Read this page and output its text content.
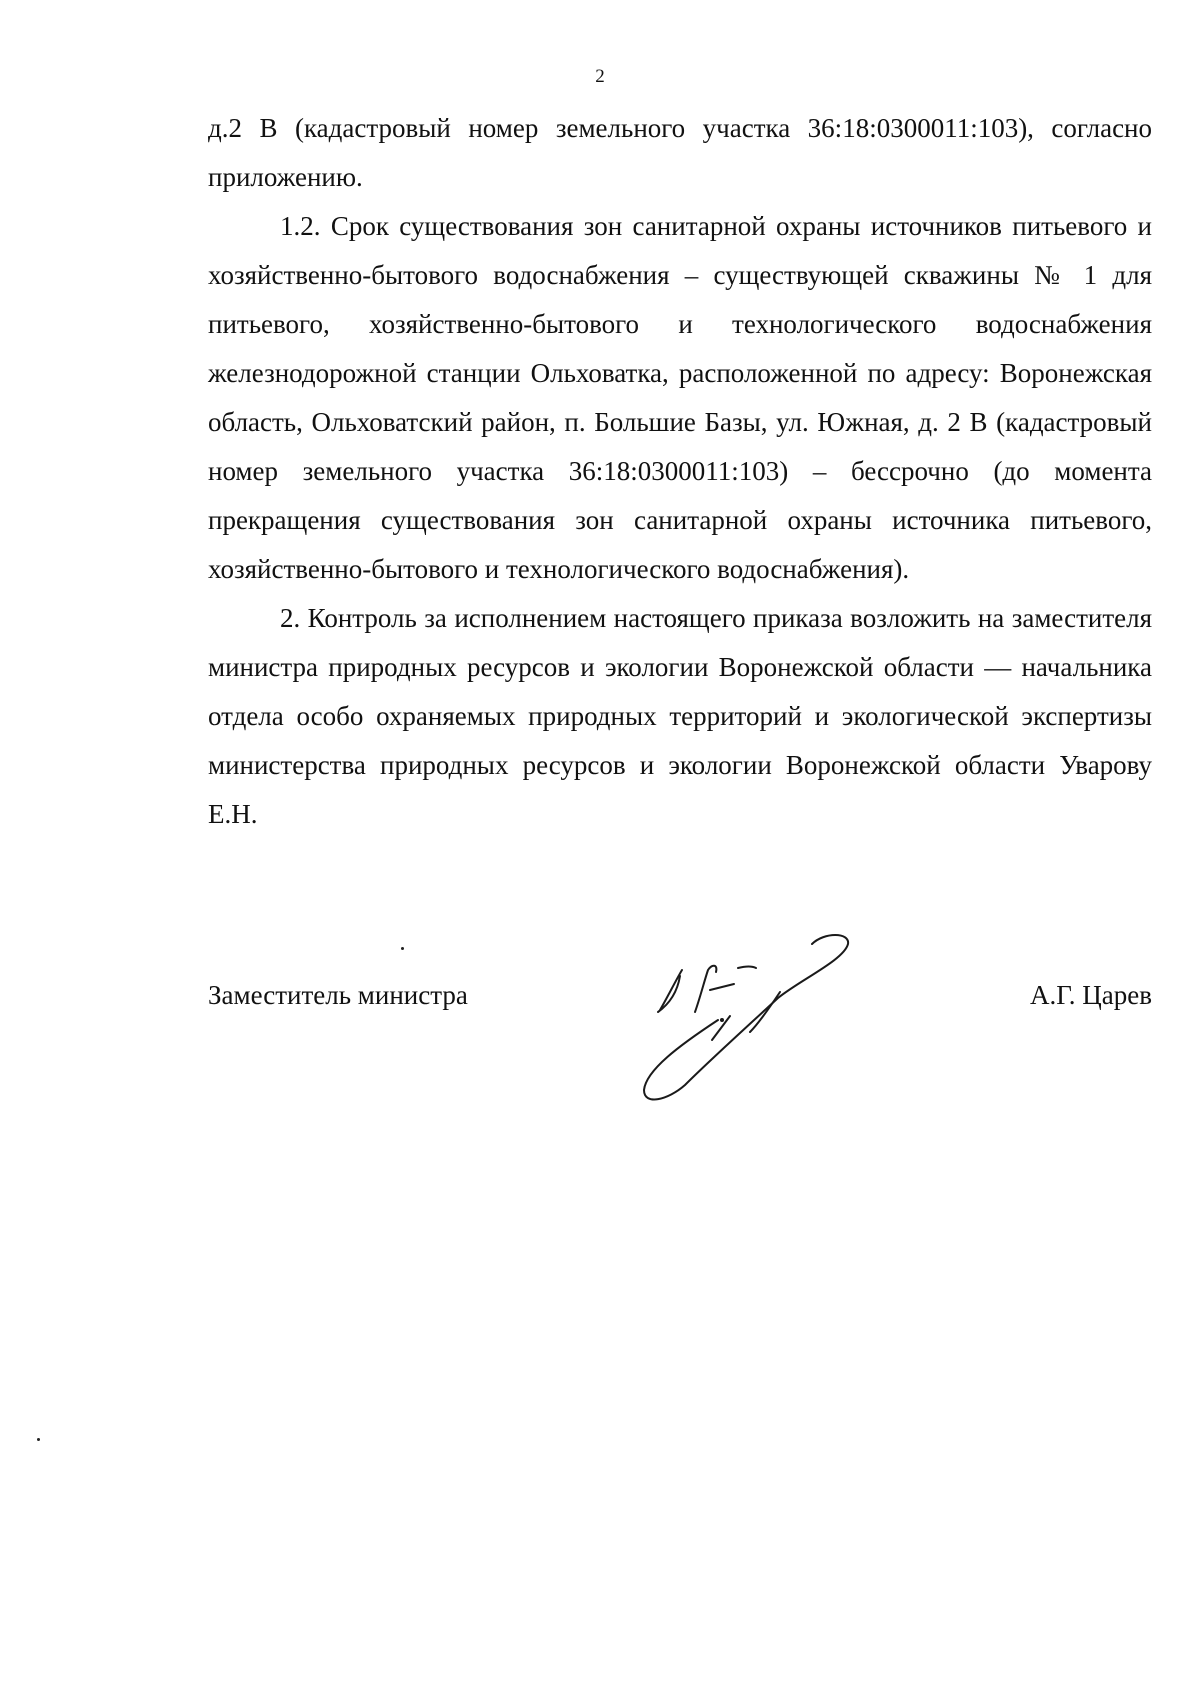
2

д.2 В (кадастровый номер земельного участка 36:18:0300011:103), согласно приложению.

1.2. Срок существования зон санитарной охраны источников питьевого и хозяйственно-бытового водоснабжения – существующей скважины № 1 для питьевого, хозяйственно-бытового и технологического водоснабжения железнодорожной станции Ольховатка, расположенной по адресу: Воронежская область, Ольховатский район, п. Большие Базы, ул. Южная, д. 2 В (кадастровый номер земельного участка 36:18:0300011:103) – бессрочно (до момента прекращения существования зон санитарной охраны источника питьевого, хозяйственно-бытового и технологического водоснабжения).

2. Контроль за исполнением настоящего приказа возложить на заместителя министра природных ресурсов и экологии Воронежской области — начальника отдела особо охраняемых природных территорий и экологической экспертизы министерства природных ресурсов и экологии Воронежской области Уварову Е.Н.

Заместитель министра	А.Г. Царев
